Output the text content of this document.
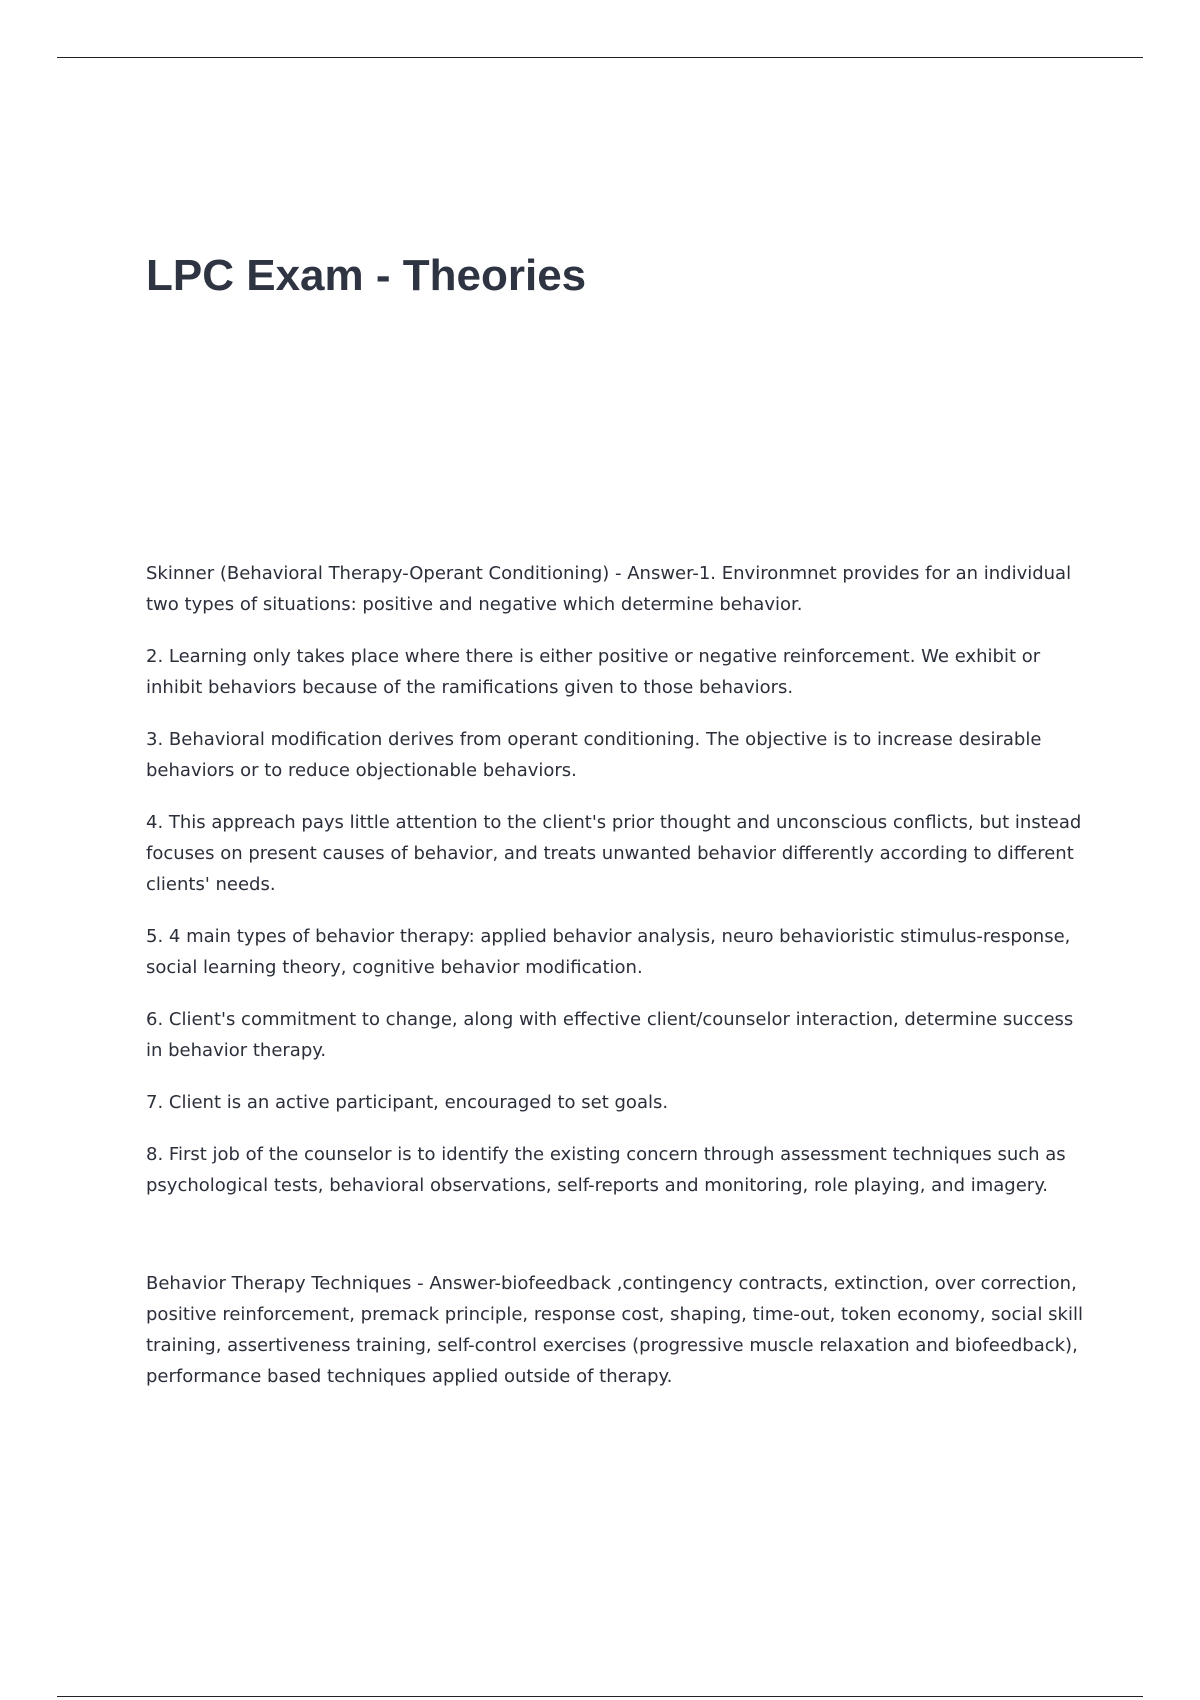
LPC Exam - Theories

Skinner (Behavioral Therapy-Operant Conditioning) - Answer-1. Environmnet provides for an individual two types of situations: positive and negative which determine behavior.

2. Learning only takes place where there is either positive or negative reinforcement. We exhibit or inhibit behaviors because of the ramifications given to those behaviors.

3. Behavioral modification derives from operant conditioning. The objective is to increase desirable behaviors or to reduce objectionable behaviors.

4. This appreach pays little attention to the client's prior thought and unconscious conflicts, but instead focuses on present causes of behavior, and treats unwanted behavior differently according to different clients' needs.

5. 4 main types of behavior therapy: applied behavior analysis, neuro behavioristic stimulus-response, social learning theory, cognitive behavior modification.

6. Client's commitment to change, along with effective client/counselor interaction, determine success in behavior therapy.

7. Client is an active participant, encouraged to set goals.

8. First job of the counselor is to identify the existing concern through assessment techniques such as psychological tests, behavioral observations, self-reports and monitoring, role playing, and imagery.

Behavior Therapy Techniques - Answer-biofeedback ,contingency contracts, extinction, over correction, positive reinforcement, premack principle, response cost, shaping, time-out, token economy, social skill training, assertiveness training, self-control exercises (progressive muscle relaxation and biofeedback), performance based techniques applied outside of therapy.
